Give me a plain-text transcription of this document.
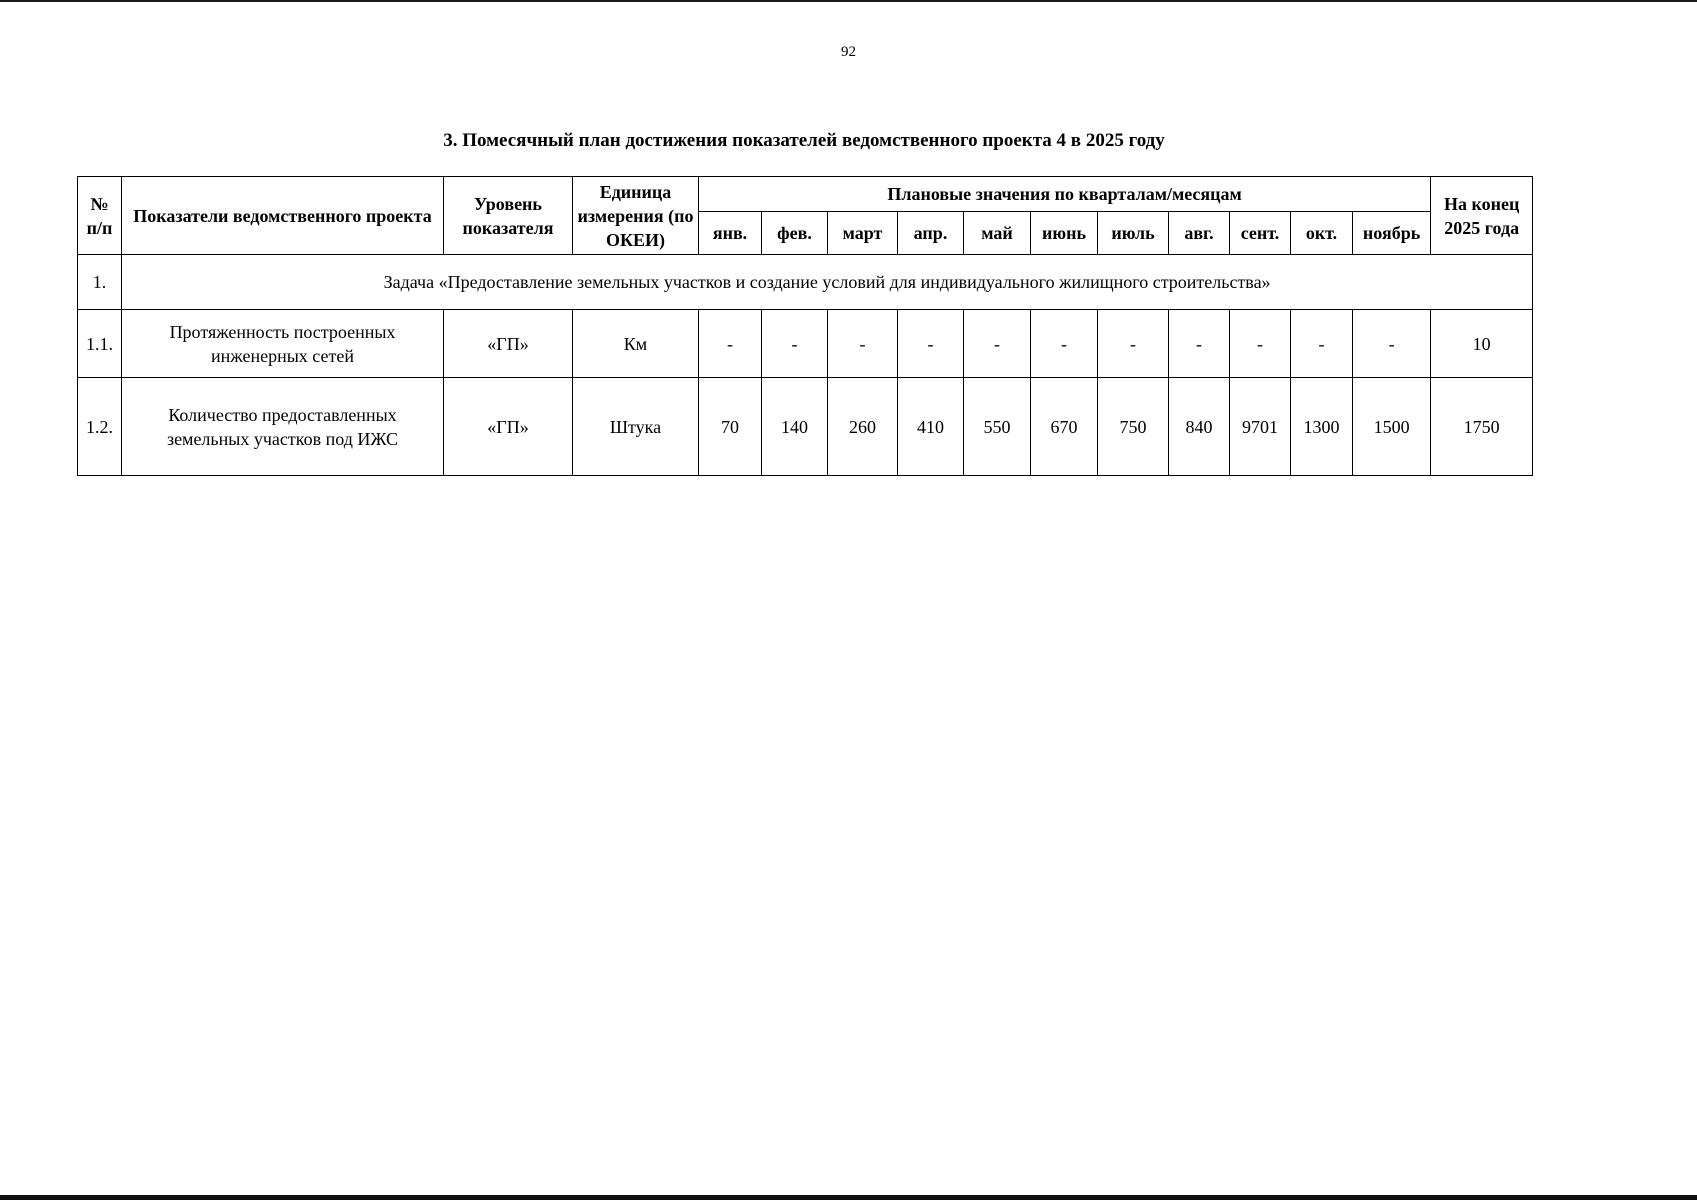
92
3. Помесячный план достижения показателей ведомственного проекта 4 в 2025 году
№ п/п	Показатели ведомственного проекта	Уровень показателя	Единица измерения (по ОКЕИ)	Плановые значения по кварталам/месяцам											На конец 2025 года
				янв.	фев.	март	апр.	май	июнь	июль	авг.	сент.	окт.	ноябрь	
1.	Задача «Предоставление земельных участков и создание условий для индивидуального жилищного строительства»														
1.1.	Протяженность построенных инженерных сетей	«ГП»	Км	-	-	-	-	-	-	-	-	-	-	-	10
1.2.	Количество предоставленных земельных участков под ИЖС	«ГП»	Штука	70	140	260	410	550	670	750	840	9701	1300	1500	1750
